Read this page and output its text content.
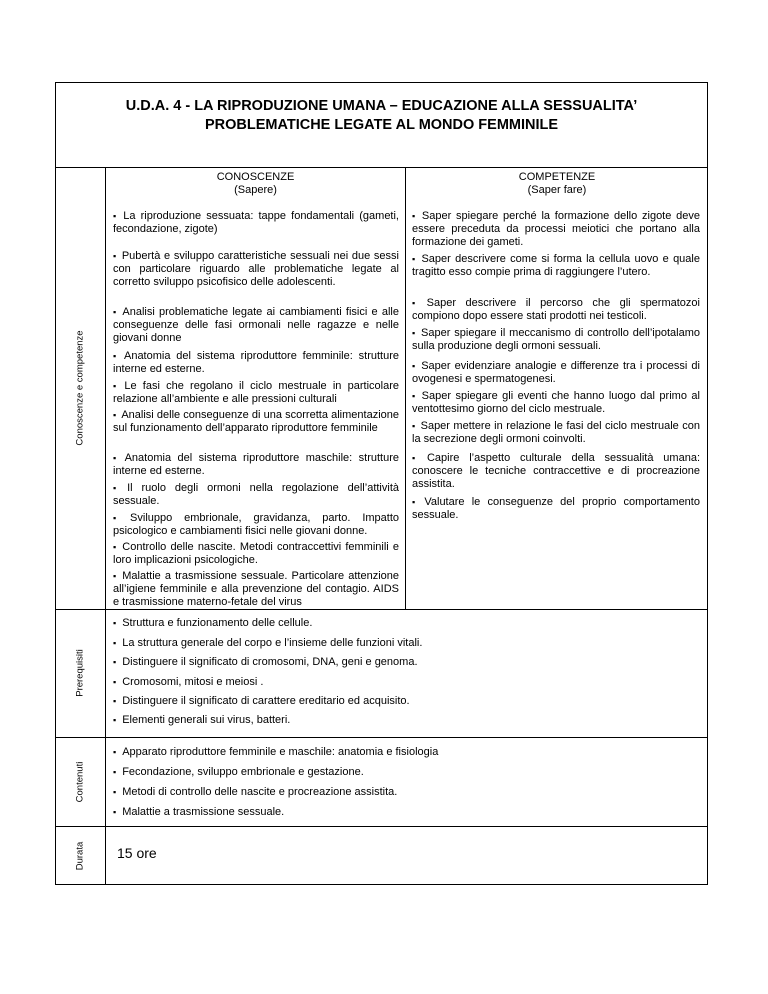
U.D.A. 4 - LA RIPRODUZIONE UMANA – EDUCAZIONE ALLA SESSUALITA’
PROBLEMATICHE LEGATE AL MONDO FEMMINILE
Conoscenze e competenze
Prerequisiti
Contenuti
Durata
CONOSCENZE
(Sapere)
COMPETENZE
(Saper fare)
▪ La riproduzione sessuata: tappe fondamentali (gameti, fecondazione, zigote)
▪ Pubertà e sviluppo caratteristiche sessuali nei due sessi con particolare riguardo alle problematiche legate al corretto sviluppo psicofisico delle adolescenti.
▪ Analisi problematiche legate ai cambiamenti fisici e alle conseguenze delle fasi ormonali nelle ragazze e nelle giovani donne
▪ Anatomia del sistema riproduttore femminile: strutture interne ed esterne.
▪ Le fasi che regolano il ciclo mestruale in particolare relazione all’ambiente e alle pressioni culturali
▪ Analisi delle conseguenze di una scorretta alimentazione sul funzionamento dell’apparato riproduttore femminile
▪ Anatomia del sistema riproduttore maschile: strutture interne ed esterne.
▪ Il ruolo degli ormoni nella regolazione dell’attività sessuale.
▪ Sviluppo embrionale, gravidanza, parto. Impatto psicologico e cambiamenti fisici nelle giovani donne.
▪ Controllo delle nascite. Metodi contraccettivi femminili e loro implicazioni psicologiche.
▪ Malattie a trasmissione sessuale. Particolare attenzione all’igiene femminile e alla prevenzione del contagio. AIDS e trasmissione materno-fetale del virus
▪ Saper spiegare perché la formazione dello zigote deve essere preceduta da processi meiotici che portano alla formazione dei gameti.
▪ Saper descrivere come si forma la cellula uovo e quale tragitto esso compie prima di raggiungere l’utero.
▪ Saper descrivere il percorso che gli spermatozoi compiono dopo essere stati prodotti nei testicoli.
▪ Saper spiegare il meccanismo di controllo dell’ipotalamo sulla produzione degli ormoni sessuali.
▪ Saper evidenziare analogie e differenze tra i processi di ovogenesi e spermatogenesi.
▪ Saper spiegare gli eventi che hanno luogo dal primo al ventottesimo giorno del ciclo mestruale.
▪ Saper mettere in relazione le fasi del ciclo mestruale con la secrezione degli ormoni coinvolti.
▪ Capire l’aspetto culturale della sessualità umana: conoscere le tecniche contraccettive e di procreazione assistita.
▪ Valutare le conseguenze del proprio comportamento sessuale.
▪ Struttura e funzionamento delle cellule.
▪ La struttura generale del corpo e l’insieme delle funzioni vitali.
▪ Distinguere il significato di cromosomi, DNA, geni e genoma.
▪ Cromosomi, mitosi e meiosi .
▪ Distinguere il significato di carattere ereditario ed acquisito.
▪ Elementi generali sui virus, batteri.
▪ Apparato riproduttore femminile e maschile: anatomia e fisiologia
▪ Fecondazione, sviluppo embrionale e gestazione.
▪ Metodi di controllo delle nascite e procreazione assistita.
▪ Malattie a trasmissione sessuale.
15 ore
